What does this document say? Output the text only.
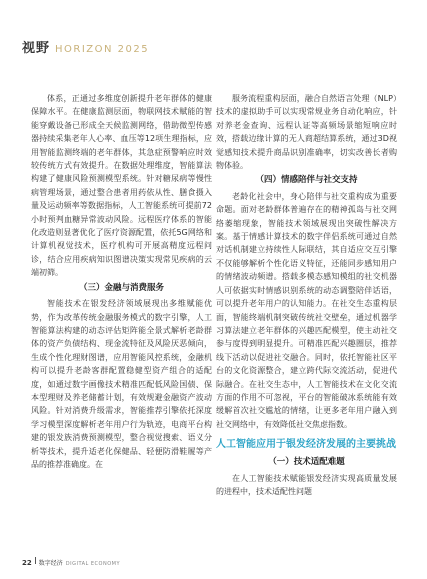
视野 HORIZON 2025

体系，正通过多维度创新提升老年群体的健康保障水平。在健康监测层面，物联网技术赋能的智能穿戴设备已形成全天候监测网络，借助微型传感器持续采集老年人心率、血压等12项生理指标，应用智能监测终端的老年群体，其急症预警响应时效较传统方式有效提升。在数据处理维度，智能算法构建了健康风险预测模型系统。针对糖尿病等慢性病管理场景，通过整合患者用药依从性、膳食摄入量及运动频率等数据指标，人工智能系统可提前72小时预判血糖异常波动风险。远程医疗体系的智能化改造则显著优化了医疗资源配置，依托5G网络和计算机视觉技术，医疗机构可开展高精度远程问诊，结合应用疾病知识图谱决策实现常见疾病的云端初筛。

（三）金融与消费服务

智能技术在银发经济领域展现出多维赋能优势，作为改革传统金融服务模式的数字引擎，人工智能算法构建的动态评估矩阵能全景式解析老龄群体的资产负债结构、现金流特征及风险厌恶倾向，生成个性化理财图谱，应用智能风控系统，金融机构可以提升老龄客群配置稳健型资产组合的适配度，如通过数字画像技术精准匹配低风险国债、保本型理财及养老储蓄计划，有效规避金融资产波动风险。针对消费升级需求，智能推荐引擎依托深度学习模型深度解析老年用户行为轨迹，电商平台构建的银发族消费预测模型，整合视觉搜索、语义分析等技术，提升适老化保健品、轻便防滑鞋履等产品的推荐准确度。在

服务流程重构层面，融合自然语言处理（NLP）技术的虚拟助手可以实现常规业务自动化响应，针对养老金查询、远程认证等高频场景缩短响应时效，搭载边缘计算的无人商超结算系统，通过3D视觉感知技术提升商品识别准确率，切实改善长者购物体验。

（四）情感陪伴与社交支持

老龄化社会中，身心陪伴与社交重构成为重要命题。面对老龄群体普遍存在的精神孤岛与社交网络萎缩现象，智能技术领域展现出突破性解决方案。基于情感计算技术的数字伴侣系统可通过自然对话机制建立持续性人际联结，其自适应交互引擎不仅能够解析个性化语义特征，还能同步感知用户的情绪波动频谱。搭载多模态感知模组的社交机器人可依据实时情感识别系统的动态调整陪伴话语，可以提升老年用户的认知能力。在社交生态重构层面，智能终端机制突破传统社交壁垒，通过机器学习算法建立老年群体的兴趣匹配模型，使主动社交参与度得到明显提升。可精准匹配兴趣圈层，推荐线下活动以促进社交融合。同时，依托智能社区平台的文化资源整合，建立跨代际交流活动，促进代际融合。在社交生态中，人工智能技术在文化交流方面的作用不可忽视，平台的智能破冰系统能有效缓解首次社交尴尬的情绪，让更多老年用户融入到社交网络中，有效降低社交焦虑指数。

人工智能应用于银发经济发展的主要挑战
（一）技术适配难题

在人工智能技术赋能银发经济实现高质量发展的进程中，技术适配性问题

22 数字经济 DIGITAL ECONOMY
